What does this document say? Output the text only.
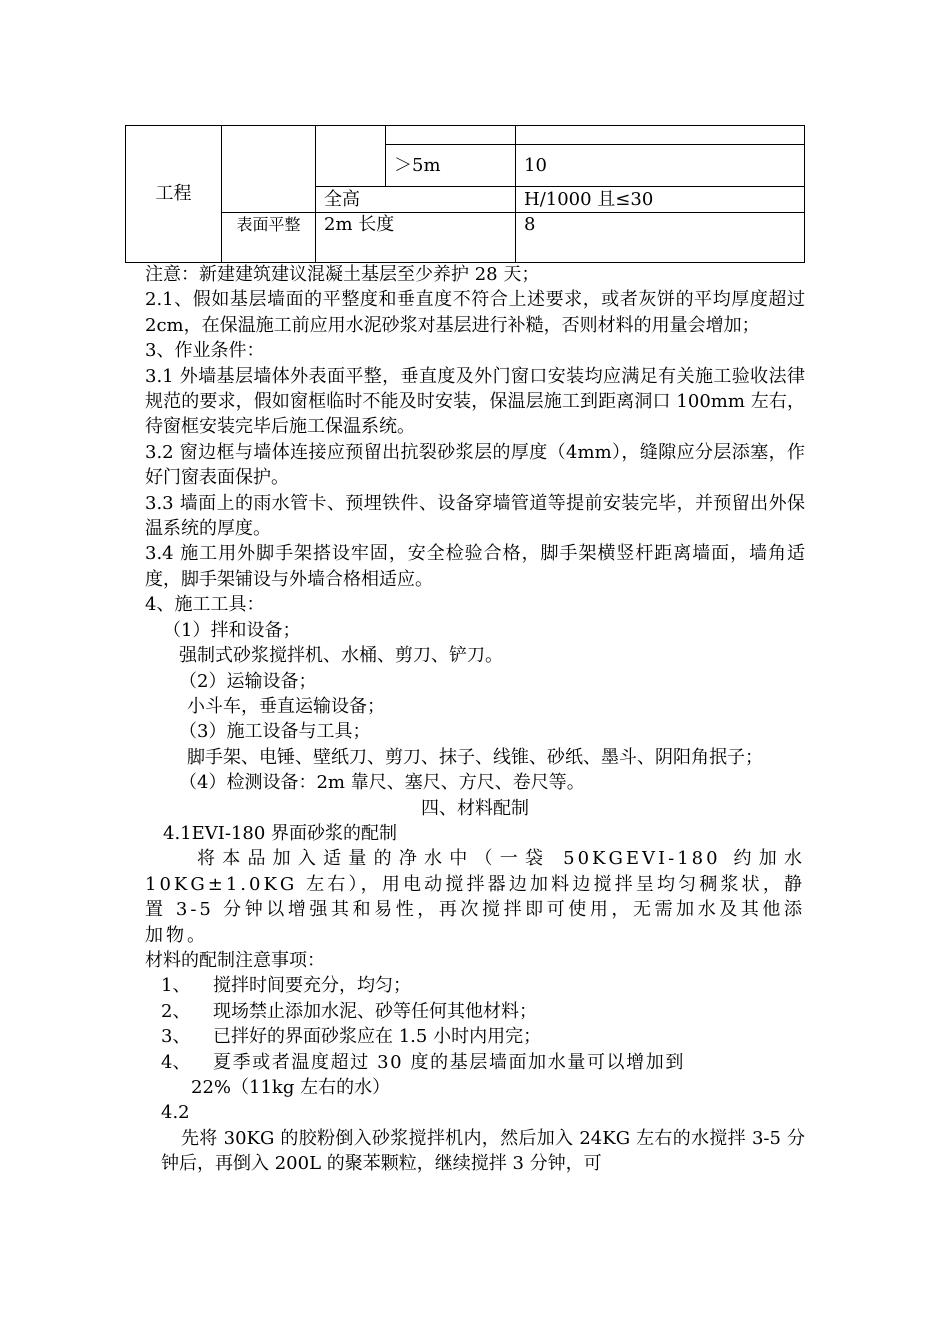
工程				
			＞5m	10
		全高		H/1000 且≤30
	表面平整	2m 长度		8

注意：新建建筑建议混凝土基层至少养护 28 天；

2.1、假如基层墙面的平整度和垂直度不符合上述要求，或者灰饼的平均厚度超过 2cm，在保温施工前应用水泥砂浆对基层进行补糙，否则材料的用量会增加；

3、作业条件：

3.1 外墙基层墙体外表面平整，垂直度及外门窗口安装均应满足有关施工验收法律规范的要求，假如窗框临时不能及时安装，保温层施工到距离洞口 100mm 左右，待窗框安装完毕后施工保温系统。

3.2 窗边框与墙体连接应预留出抗裂砂浆层的厚度（4mm），缝隙应分层添塞，作好门窗表面保护。

3.3 墙面上的雨水管卡、预埋铁件、设备穿墙管道等提前安装完毕，并预留出外保温系统的厚度。

3.4 施工用外脚手架搭设牢固，安全检验合格，脚手架横竖杆距离墙面，墙角适度，脚手架铺设与外墙合格相适应。

4、施工工具：

（1）拌和设备；

强制式砂浆搅拌机、水桶、剪刀、铲刀。

（2）运输设备；

小斗车，垂直运输设备；

（3）施工设备与工具；

脚手架、电锤、壁纸刀、剪刀、抹子、线锥、砂纸、墨斗、阴阳角抿子；

（4）检测设备：2m 靠尺、塞尺、方尺、卷尺等。

四、材料配制

4.1EVI-180 界面砂浆的配制

将本品加入适量的净水中（一袋 50KGEVI-180 约加水 10KG±1.0KG 左右），用电动搅拌器边加料边搅拌呈均匀稠浆状，静置 3-5 分钟以增强其和易性，再次搅拌即可使用，无需加水及其他添加物。

材料的配制注意事项：

1、	搅拌时间要充分，均匀；
2、	现场禁止添加水泥、砂等任何其他材料；
3、	已拌好的界面砂浆应在 1.5 小时内用完；
4、	夏季或者温度超过 30 度的基层墙面加水量可以增加到

22%（11kg 左右的水）

4.2

先将 30KG 的胶粉倒入砂浆搅拌机内，然后加入 24KG 左右的水搅拌 3-5 分钟后，再倒入 200L 的聚苯颗粒，继续搅拌 3 分钟，可
